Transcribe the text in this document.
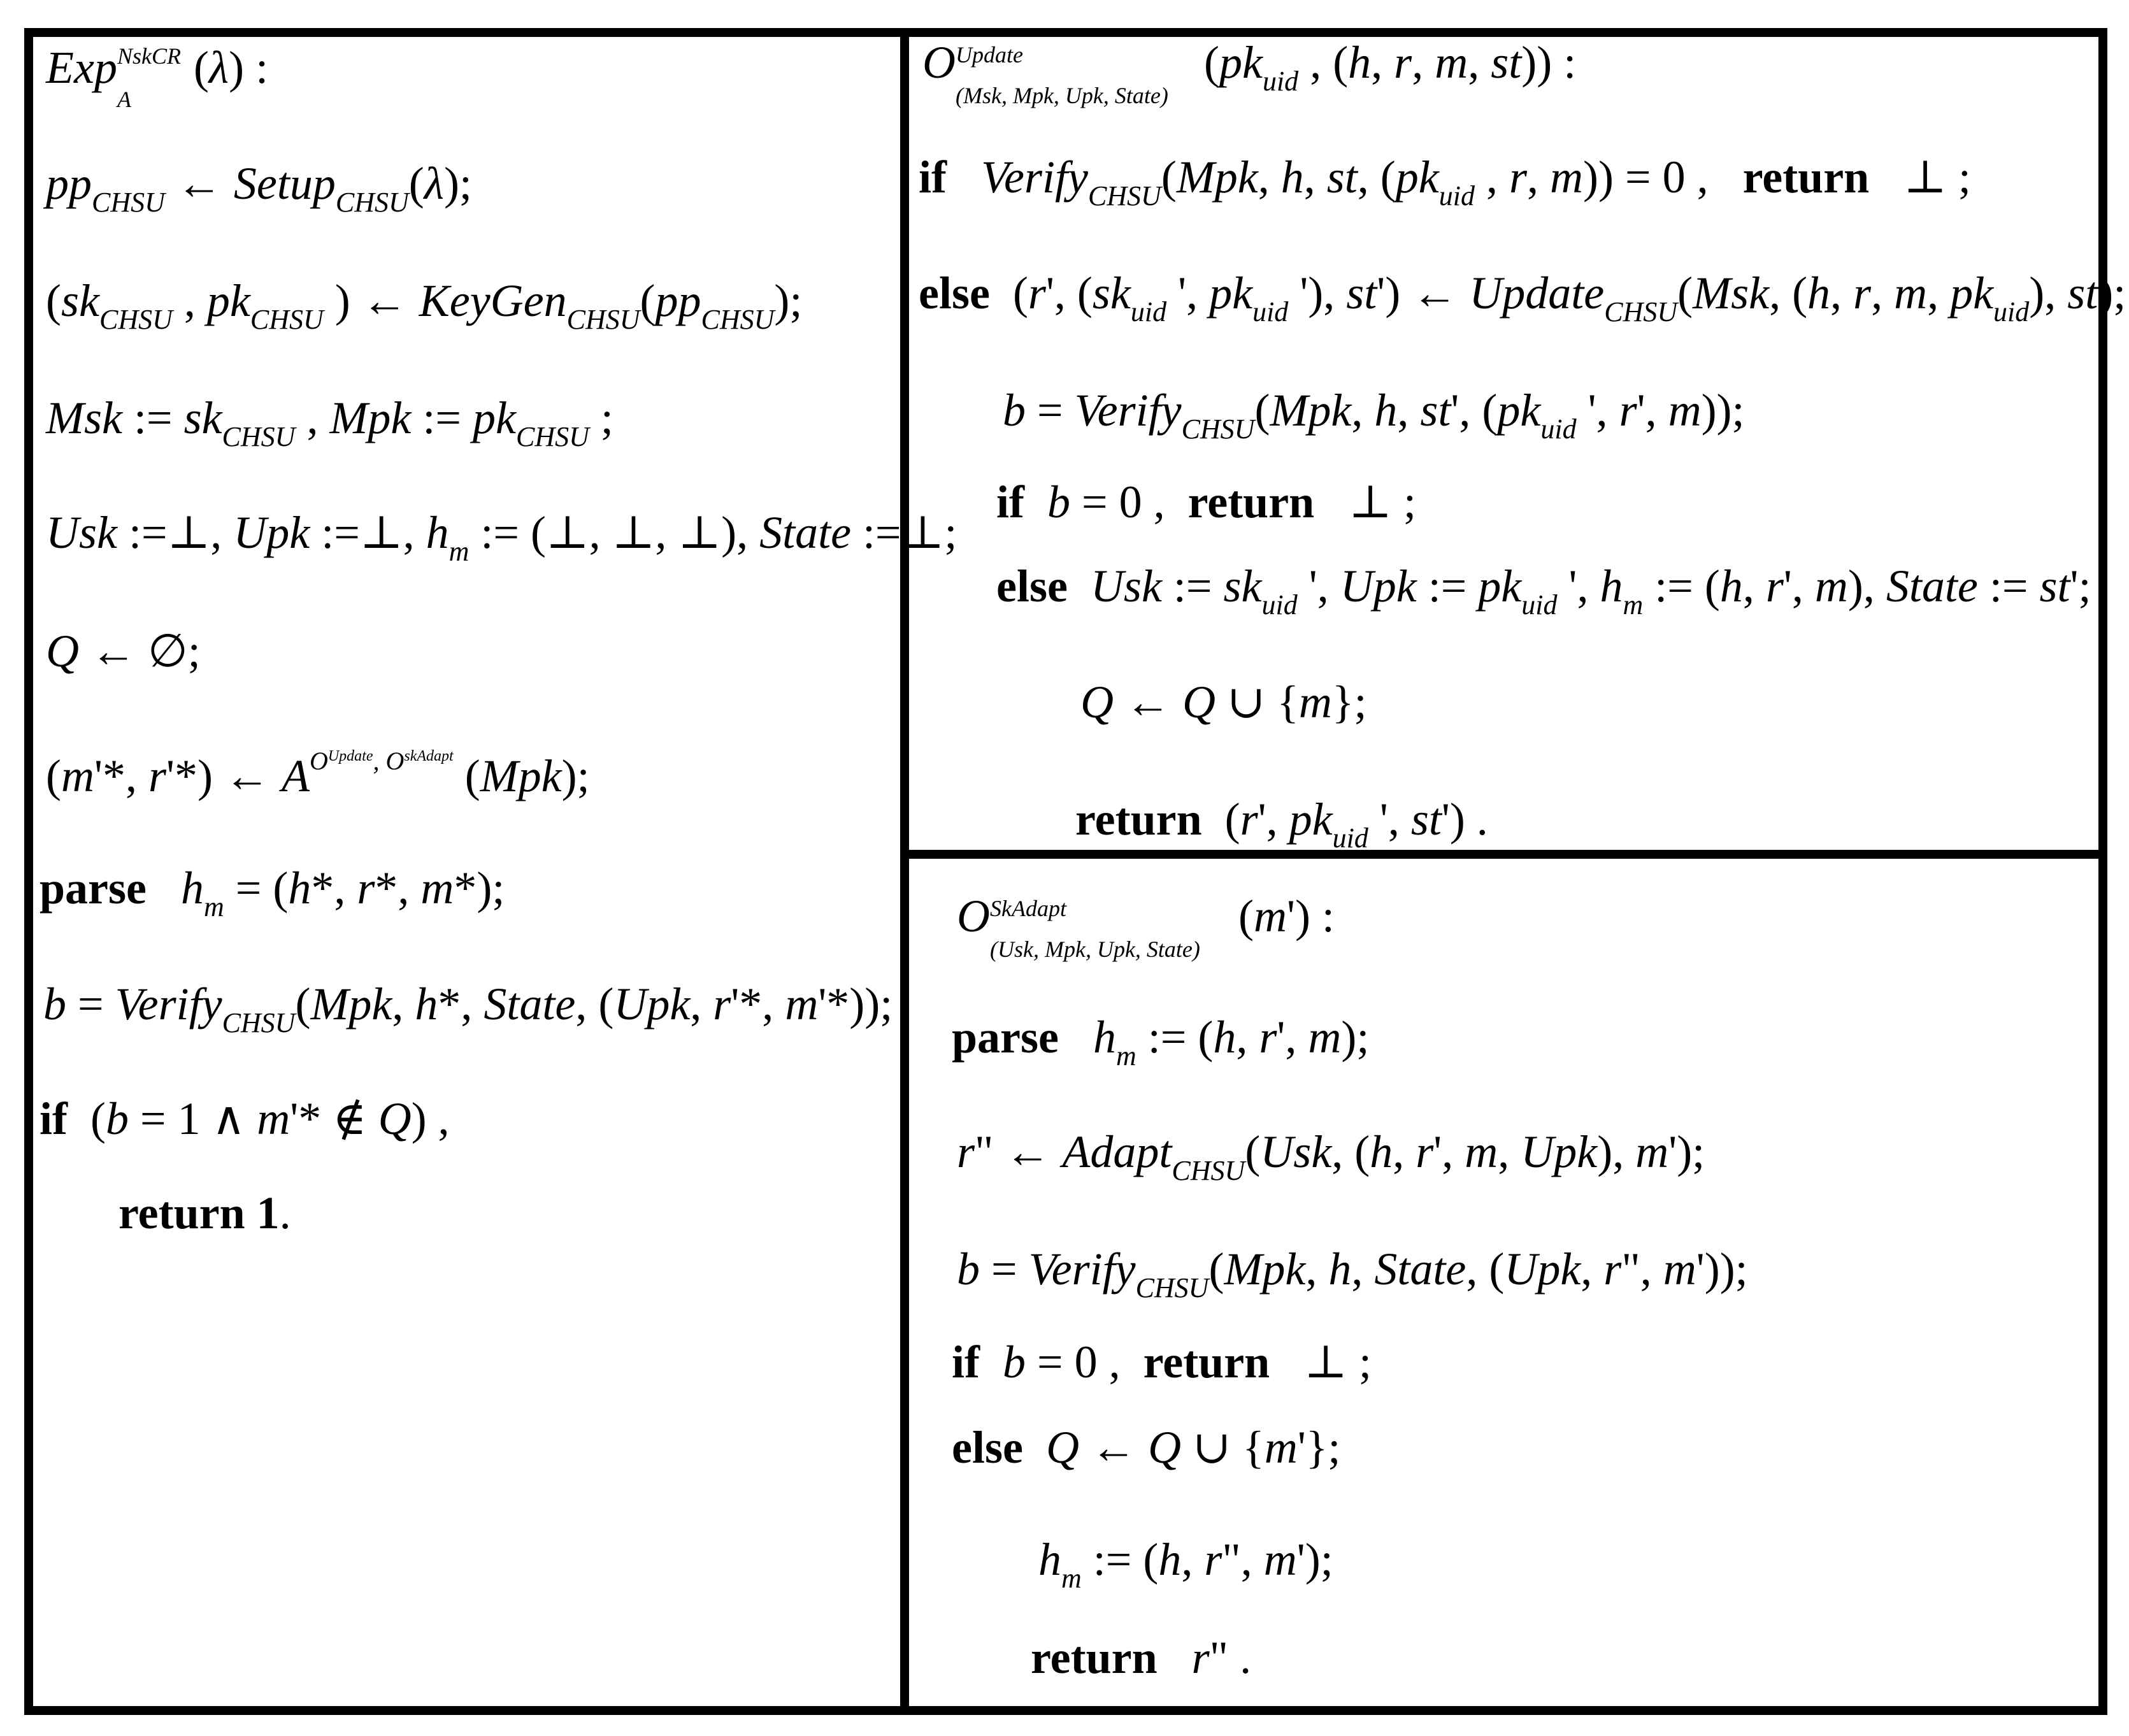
Exp NskCR
A
(λ) :
$pp_{CHSU}$ ← Setup$_{CHSU}$(λ);
($sk_{CHSU}$ , $pk_{CHSU}$ ) ← $KeyGen_{CHSU}(pp_{CHSU})$;
Msk := $sk_{CHSU}$ , Mpk := $pk_{CHSU}$ ;
Usk :=⊥, Upk :=⊥, $h_m$ := (⊥, ⊥, ⊥), State :=⊥;
Q ← ∅;
(m'*, r'*) ← $A^{O^{Update}, O^{skAdapt}}$ (Mpk);
parse $h_m = (h*$, r*, m*);
b = Verify$_{CHSU}$(Mpk, h*, State, (Upk, r'*, m'*));
if  (b = 1 ∧ m'* ∉ Q) ,
return 1.
O Update
(Msk, Mpk, Upk, State)
($pk_{uid}$ , (h, r, m, st)) :
if Verify$_{CHSU}$(Mpk, h, st, ($pk_{uid}$ , r, m)) = 0 ,   return   ⊥ ;
else  (r', ($sk_{uid}$ ', $pk_{uid}$ '), st') ← Update$_{CHSU}$(Msk, (h, r, m, $pk_{uid}$), st);
b = Verify$_{CHSU}$(Mpk, h, st', ($pk_{uid}$ ', r', m));
if b = 0 ,  return   ⊥ ;
else Usk := $sk_{uid}$ ', Upk := $pk_{uid}$ ', $h_m$ := (h, r', m), State := st';
Q ← Q ∪ {m};
return  (r', $pk_{uid}$ ', st') .
O SkAdapt
(Usk, Mpk, Upk, State)
(m') :
parse $h_m$ := (h, r', m);
r" ← Adapt$_{CHSU}$(Usk, (h, r', m, Upk), m');
b = Verify$_{CHSU}$(Mpk, h, State, (Upk, r", m'));
if b = 0 ,  return   ⊥ ;
else Q ← Q ∪ {m'};
$h_m$ := (h, r", m');
return r" .
